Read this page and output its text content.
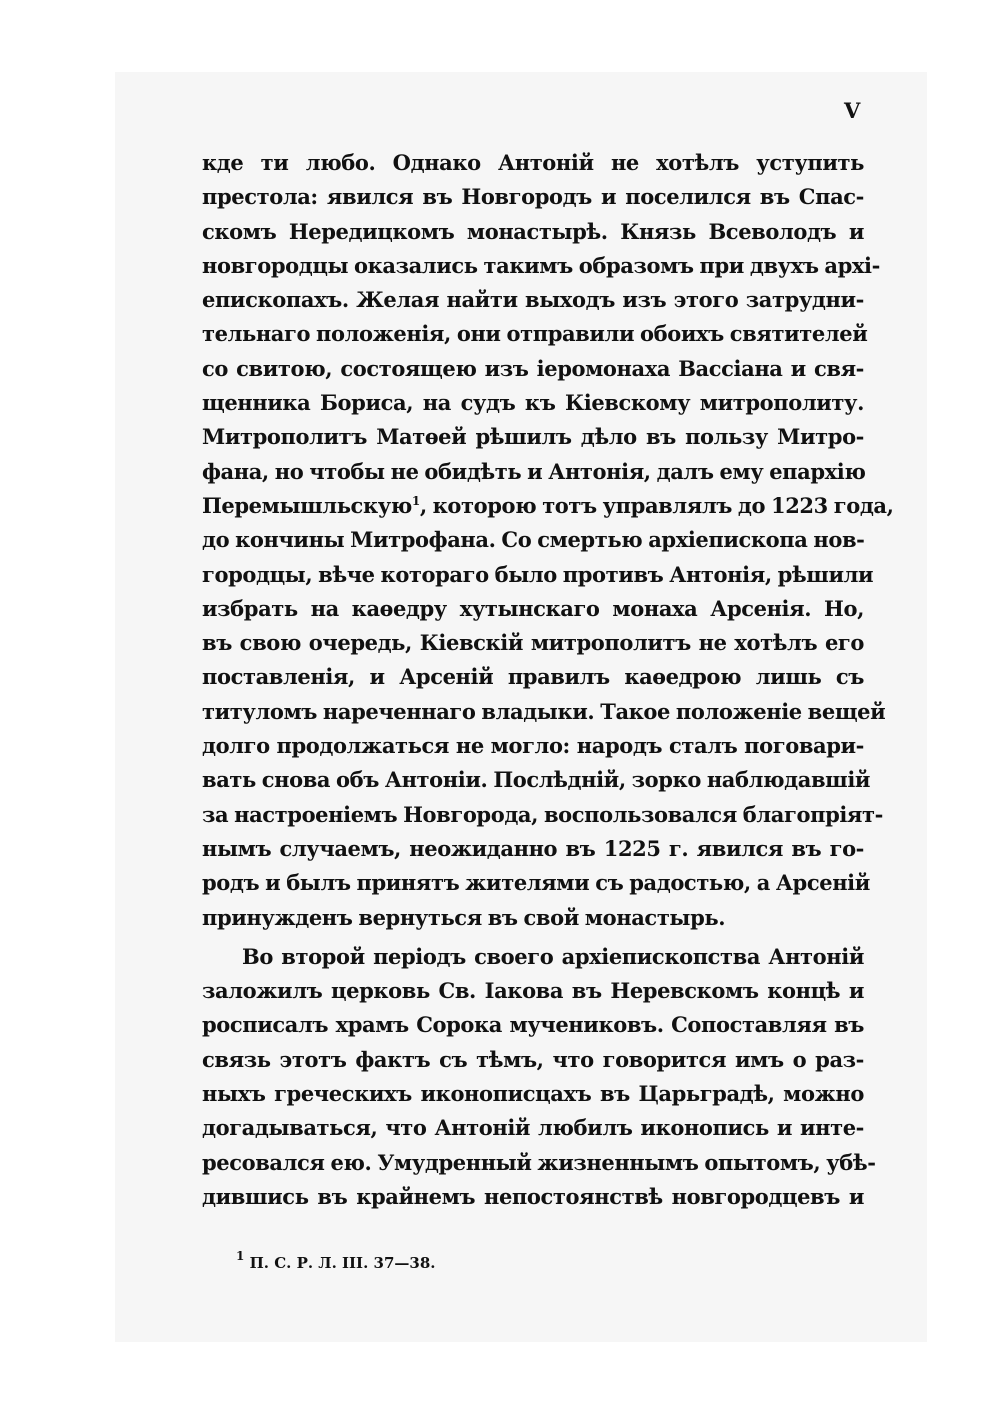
V
кде ти любо. Однако Антоній не хотѣлъ уступить
престола: явился въ Новгородъ и поселился въ Спас-
скомъ Нередицкомъ монастырѣ. Князь Всеволодъ и
новгородцы оказались такимъ образомъ при двухъ архі-
епископахъ. Желая найти выходъ изъ этого затрудни-
тельнаго положенія, они отправили обоихъ святителей
со свитою, состоящею изъ іеромонаха Вассіана и свя-
щенника Бориса, на судъ къ Кіевскому митрополиту.
Митрополитъ Матѳей рѣшилъ дѣло въ пользу Митро-
фана, но чтобы не обидѣть и Антонія, далъ ему епархію
Перемышльскую$^1$, которою тотъ управлялъ до 1223 года,
до кончины Митрофана. Со смертью архіепископа нов-
городцы, вѣче котораго было противъ Антонія, рѣшили
избрать на каѳедру хутынскаго монаха Арсенія. Но,
въ свою очередь, Кіевскій митрополитъ не хотѣлъ его
поставленія, и Арсеній правилъ каѳедрою лишь съ
титуломъ нареченнаго владыки. Такое положеніе вещей
долго продолжаться не могло: народъ сталъ поговари-
вать снова объ Антоніи. Послѣдній, зорко наблюдавшій
за настроеніемъ Новгорода, воспользовался благопріят-
нымъ случаемъ, неожиданно въ 1225 г. явился въ го-
родъ и былъ принятъ жителями съ радостью, а Арсеній
принужденъ вернуться въ свой монастырь.
Во второй періодъ своего архіепископства Антоній
заложилъ церковь Св. Іакова въ Неревскомъ концѣ и
росписалъ храмъ Сорока мучениковъ. Сопоставляя въ
связь этотъ фактъ съ тѣмъ, что говорится имъ о раз-
ныхъ греческихъ иконописцахъ въ Царьградѣ, можно
догадываться, что Антоній любилъ иконопись и инте-
ресовался ею. Умудренный жизненнымъ опытомъ, убѣ-
дившись въ крайнемъ непостоянствѣ новгородцевъ и
$^1$ П. С. Р. Л. III. 37—38.
